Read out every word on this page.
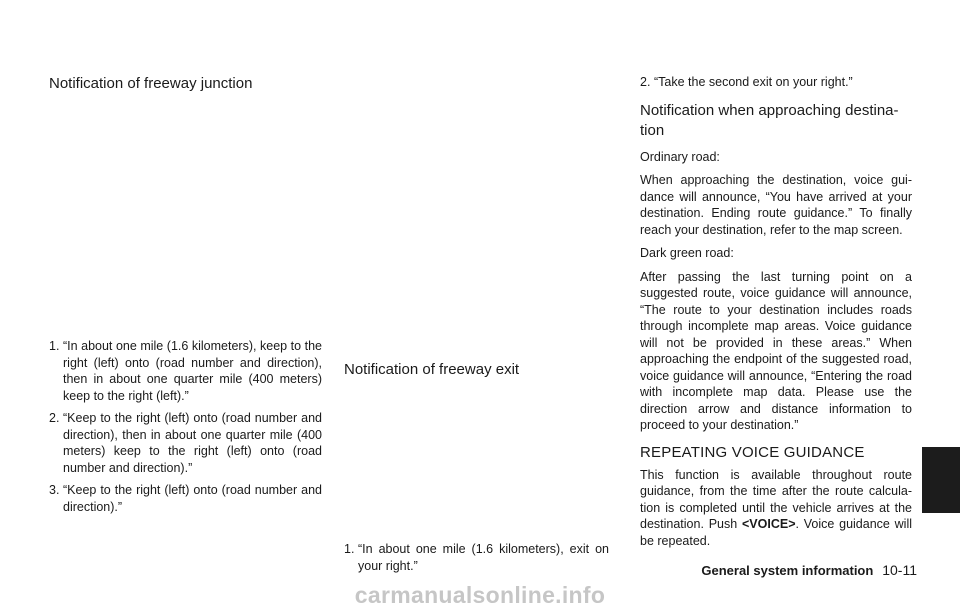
Notification of freeway junction
1. “In about one mile (1.6 kilometers), keep to the right (left) onto (road number and direction), then in about one quarter mile (400 meters) keep to the right (left).”
2. “Keep to the right (left) onto (road number and direction), then in about one quarter mile (400 meters) keep to the right (left) onto (road number and direction).”
3. “Keep to the right (left) onto (road number and direction).”
Notification of freeway exit
1. “In about one mile (1.6 kilometers), exit on your right.”
2. “Take the second exit on your right.”
Notification when approaching destina- tion

Ordinary road:

When approaching the destination, voice gui- dance will announce, “You have arrived at your destination. Ending route guidance.” To finally reach your destination, refer to the map screen.

Dark green road:

After passing the last turning point on a suggested route, voice guidance will announce, “The route to your destination includes roads through incomplete map areas. Voice guidance will not be provided in these areas.” When approaching the endpoint of the suggested road, voice guidance will announce, “Entering the road with incomplete map data. Please use the direction arrow and distance information to proceed to your destination.”

REPEATING VOICE GUIDANCE

This function is available throughout route guidance, from the time after the route calcula- tion is completed until the vehicle arrives at the destination. Push <VOICE>. Voice guidance will be repeated.

General system information 10-11
carmanualsonline.info
